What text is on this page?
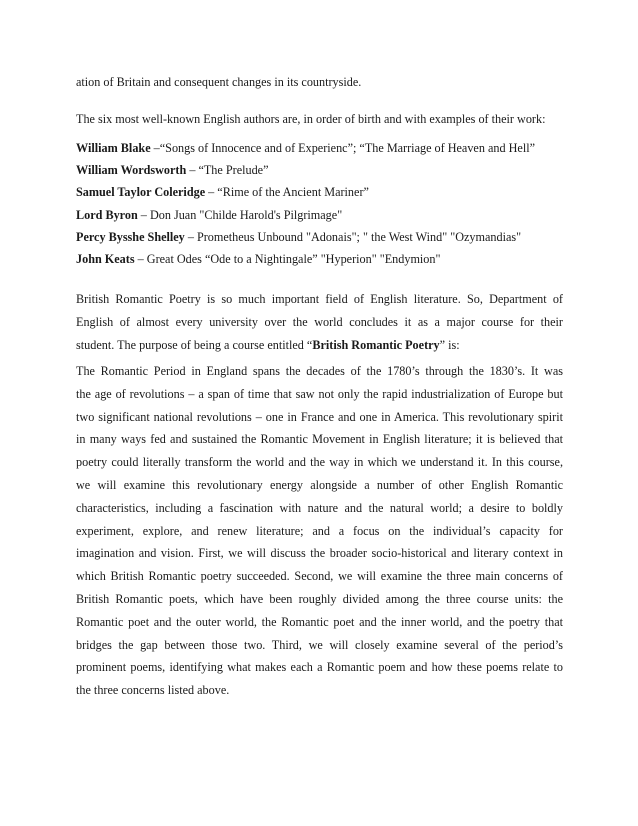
ation of Britain and consequent changes in its countryside.
The six most well-known English authors are, in order of birth and with examples of their work:
William Blake –“Songs of Innocence and of Experienc”; “The Marriage of Heaven and Hell”
William Wordsworth – “The Prelude”
Samuel Taylor Coleridge – “Rime of the Ancient Mariner”
Lord Byron – Don Juan "Childe Harold's Pilgrimage"
Percy Bysshe Shelley – Prometheus Unbound "Adonais"; " the West Wind" "Ozymandias"
John Keats – Great Odes “Ode to a Nightingale” "Hyperion" "Endymion"
British Romantic Poetry is so much important field of English literature. So, Department of
English of almost every university over the world concludes it as a major course for their
student. The purpose of being a course entitled “British Romantic Poetry” is:
The Romantic Period in England spans the decades of the 1780’s through the 1830’s. It was
the age of revolutions – a span of time that saw not only the rapid industrialization of Europe but
two significant national revolutions – one in France and one in America. This revolutionary spirit
in many ways fed and sustained the Romantic Movement in English literature; it is believed that
poetry could literally transform the world and the way in which we understand it. In this course,
we will examine this revolutionary energy alongside a number of other English Romantic
characteristics, including a fascination with nature and the natural world; a desire to boldly
experiment, explore, and renew literature; and a focus on the individual’s capacity for
imagination and vision. First, we will discuss the broader socio-historical and literary context in
which British Romantic poetry succeeded. Second, we will examine the three main concerns of
British Romantic poets, which have been roughly divided among the three course units: the
Romantic poet and the outer world, the Romantic poet and the inner world, and the poetry that
bridges the gap between those two. Third, we will closely examine several of the period’s
prominent poems, identifying what makes each a Romantic poem and how these poems relate to
the three concerns listed above.
